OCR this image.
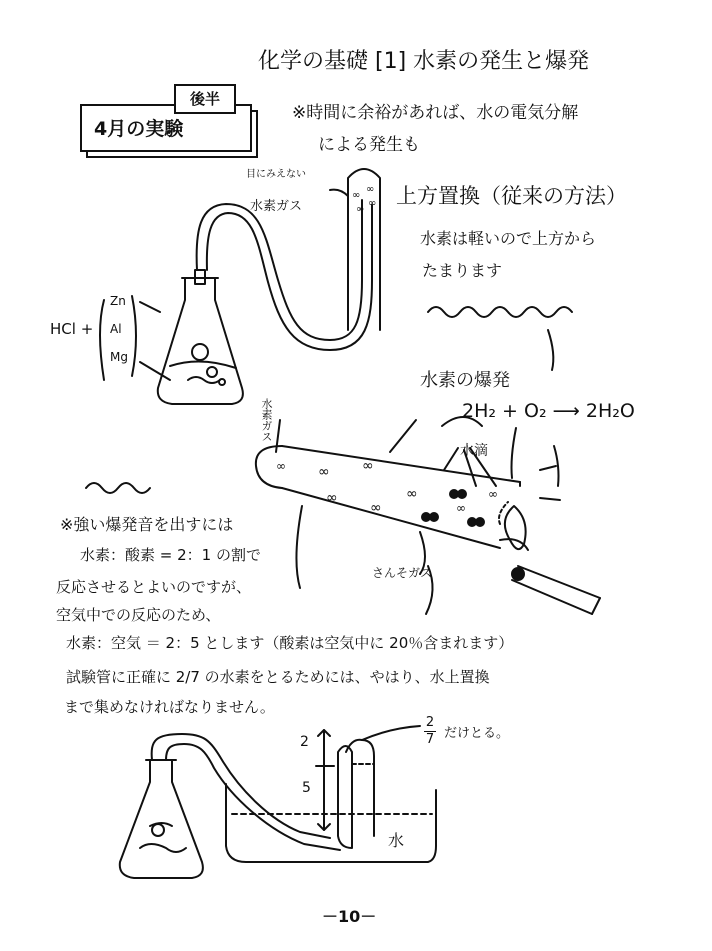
∞
∞
∞
∞
∞ ∞
∞
∞
∞
∞
∞
∞
化学の基礎 [1] 水素の発生と爆発
4月の実験
後半
※時間に余裕があれば、水の電気分解
による発生も
目にみえない
水素ガス	上方置換（従来の方法）
水素は軽いので上方から
たまります
HCl +
Zn
Al
Mg
水素の爆発
2H₂ + O₂ ⟶ 2H₂O
水素ガス
水滴
さんそガス
※強い爆発音を出すには
水素：酸素 = 2：1 の割で
反応させるとよいのですが、
空気中での反応のため、
水素：空気 ＝ 2：5 とします（酸素は空気中に 20％含まれます）
試験管に正確に 2/7 の水素をとるためには、やはり、水上置換
まで集めなければなりません。
2
7 だけとる。
2
5
水
－10－
